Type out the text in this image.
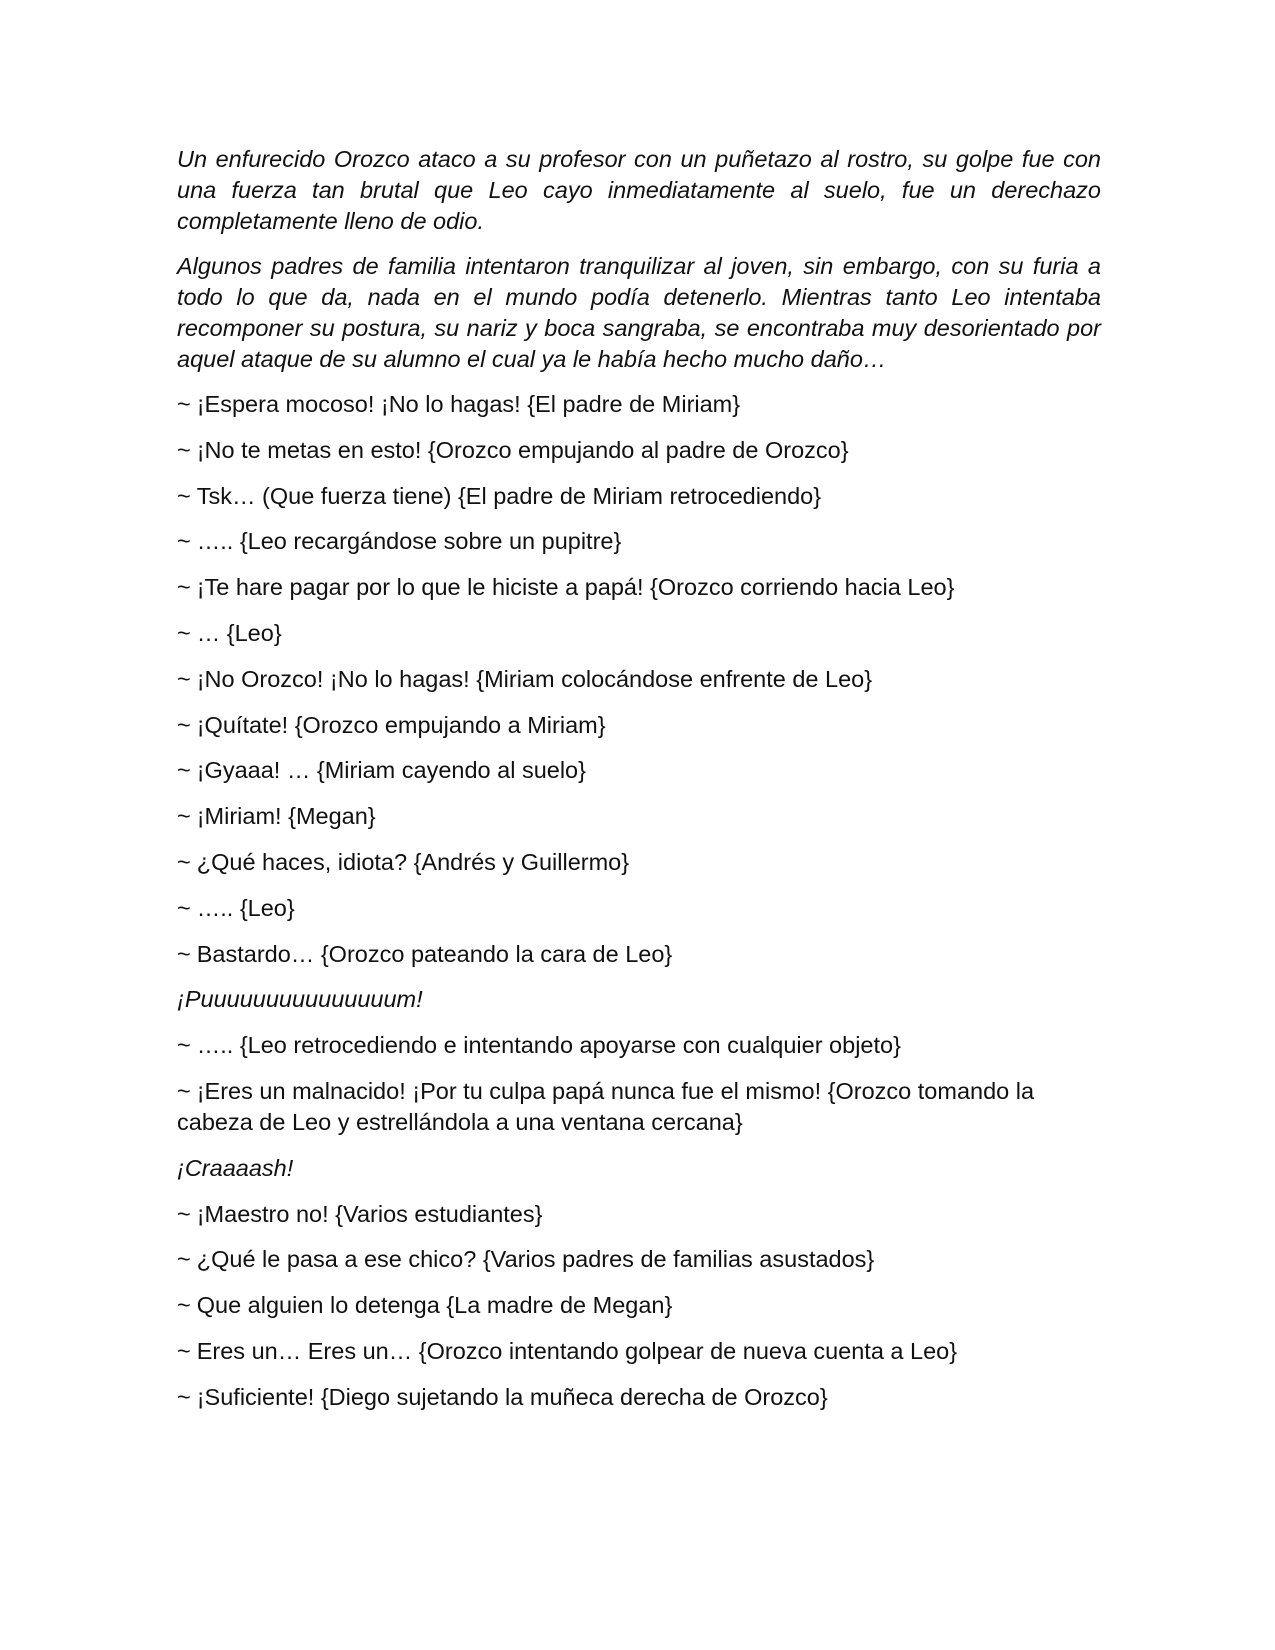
Un enfurecido Orozco ataco a su profesor con un puñetazo al rostro, su golpe fue con una fuerza tan brutal que Leo cayo inmediatamente al suelo, fue un derechazo completamente lleno de odio.

Algunos padres de familia intentaron tranquilizar al joven, sin embargo, con su furia a todo lo que da, nada en el mundo podía detenerlo. Mientras tanto Leo intentaba recomponer su postura, su nariz y boca sangraba, se encontraba muy desorientado por aquel ataque de su alumno el cual ya le había hecho mucho daño…

~ ¡Espera mocoso! ¡No lo hagas! {El padre de Miriam}

~ ¡No te metas en esto! {Orozco empujando al padre de Orozco}

~ Tsk… (Que fuerza tiene) {El padre de Miriam retrocediendo}

~ ….. {Leo recargándose sobre un pupitre}

~ ¡Te hare pagar por lo que le hiciste a papá! {Orozco corriendo hacia Leo}

~ … {Leo}

~ ¡No Orozco! ¡No lo hagas! {Miriam colocándose enfrente de Leo}

~ ¡Quítate! {Orozco empujando a Miriam}

~ ¡Gyaaa! … {Miriam cayendo al suelo}

~ ¡Miriam! {Megan}

~ ¿Qué haces, idiota? {Andrés y Guillermo}

~ ….. {Leo}

~ Bastardo… {Orozco pateando la cara de Leo}

¡Puuuuuuuuuuuuuuum!

~ ….. {Leo retrocediendo e intentando apoyarse con cualquier objeto}

~ ¡Eres un malnacido! ¡Por tu culpa papá nunca fue el mismo! {Orozco tomando la cabeza de Leo y estrellándola a una ventana cercana}

¡Craaaash!

~ ¡Maestro no! {Varios estudiantes}

~ ¿Qué le pasa a ese chico? {Varios padres de familias asustados}

~ Que alguien lo detenga {La madre de Megan}

~ Eres un… Eres un… {Orozco intentando golpear de nueva cuenta a Leo}

~ ¡Suficiente! {Diego sujetando la muñeca derecha de Orozco}
